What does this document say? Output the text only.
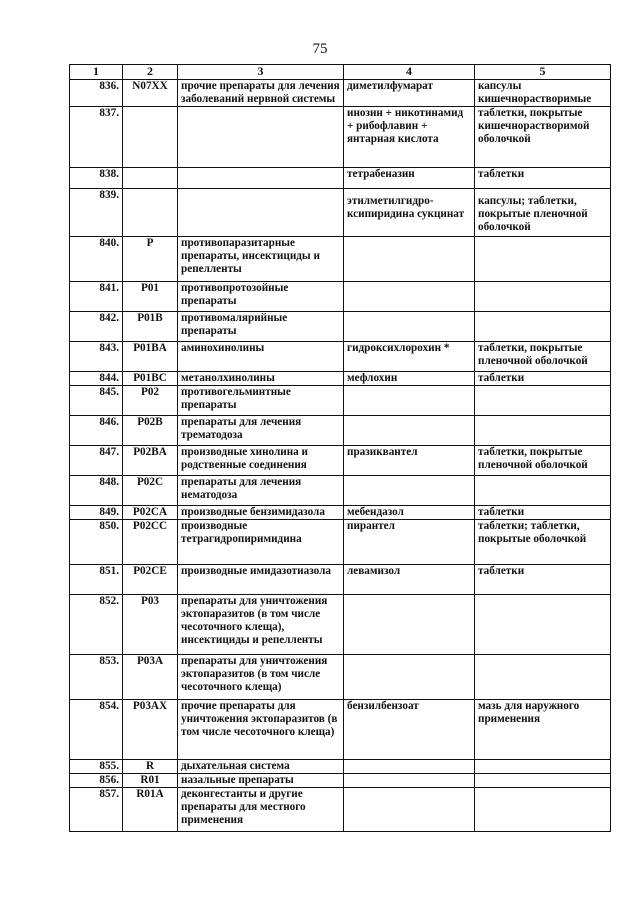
75
1	2	3	4	5
836.	N07XX	прочие препараты для лечения заболеваний нервной системы	диметилфумарат	капсулы кишечнорастворимые
837.			инозин + никотинамид + рибофлавин + янтарная кислота	таблетки, покрытые кишечнорастворимой оболочкой
838.			тетрабеназин	таблетки
839.			этилметилгидро-ксипиридина сукцинат	капсулы; таблетки, покрытые пленочной оболочкой
840.	P	противопаразитарные препараты, инсектициды и репелленты		
841.	P01	противопротозойные препараты		
842.	P01B	противомалярийные препараты		
843.	P01BA	аминохинолины	гидроксихлорохин *	таблетки, покрытые пленочной оболочкой
844.	P01BC	метанолхинолины	мефлохин	таблетки
845.	P02	противогельминтные препараты		
846.	P02B	препараты для лечения трематодоза		
847.	P02BA	производные хинолина и родственные соединения	празиквантел	таблетки, покрытые пленочной оболочкой
848.	P02C	препараты для лечения нематодоза		
849.	P02CA	производные бензимидазола	мебендазол	таблетки
850.	P02CC	производные тетрагидропиримидина	пирантел	таблетки; таблетки, покрытые оболочкой
851.	P02CE	производные имидазотиазола	левамизол	таблетки
852.	P03	препараты для уничтожения эктопаразитов (в том числе чесоточного клеща), инсектициды и репелленты		
853.	P03A	препараты для уничтожения эктопаразитов (в том числе чесоточного клеща)		
854.	P03AX	прочие препараты для уничтожения эктопаразитов (в том числе чесоточного клеща)	бензилбензоат	мазь для наружного применения
855.	R	дыхательная система		
856.	R01	назальные препараты		
857.	R01A	деконгестанты и другие препараты для местного применения		
